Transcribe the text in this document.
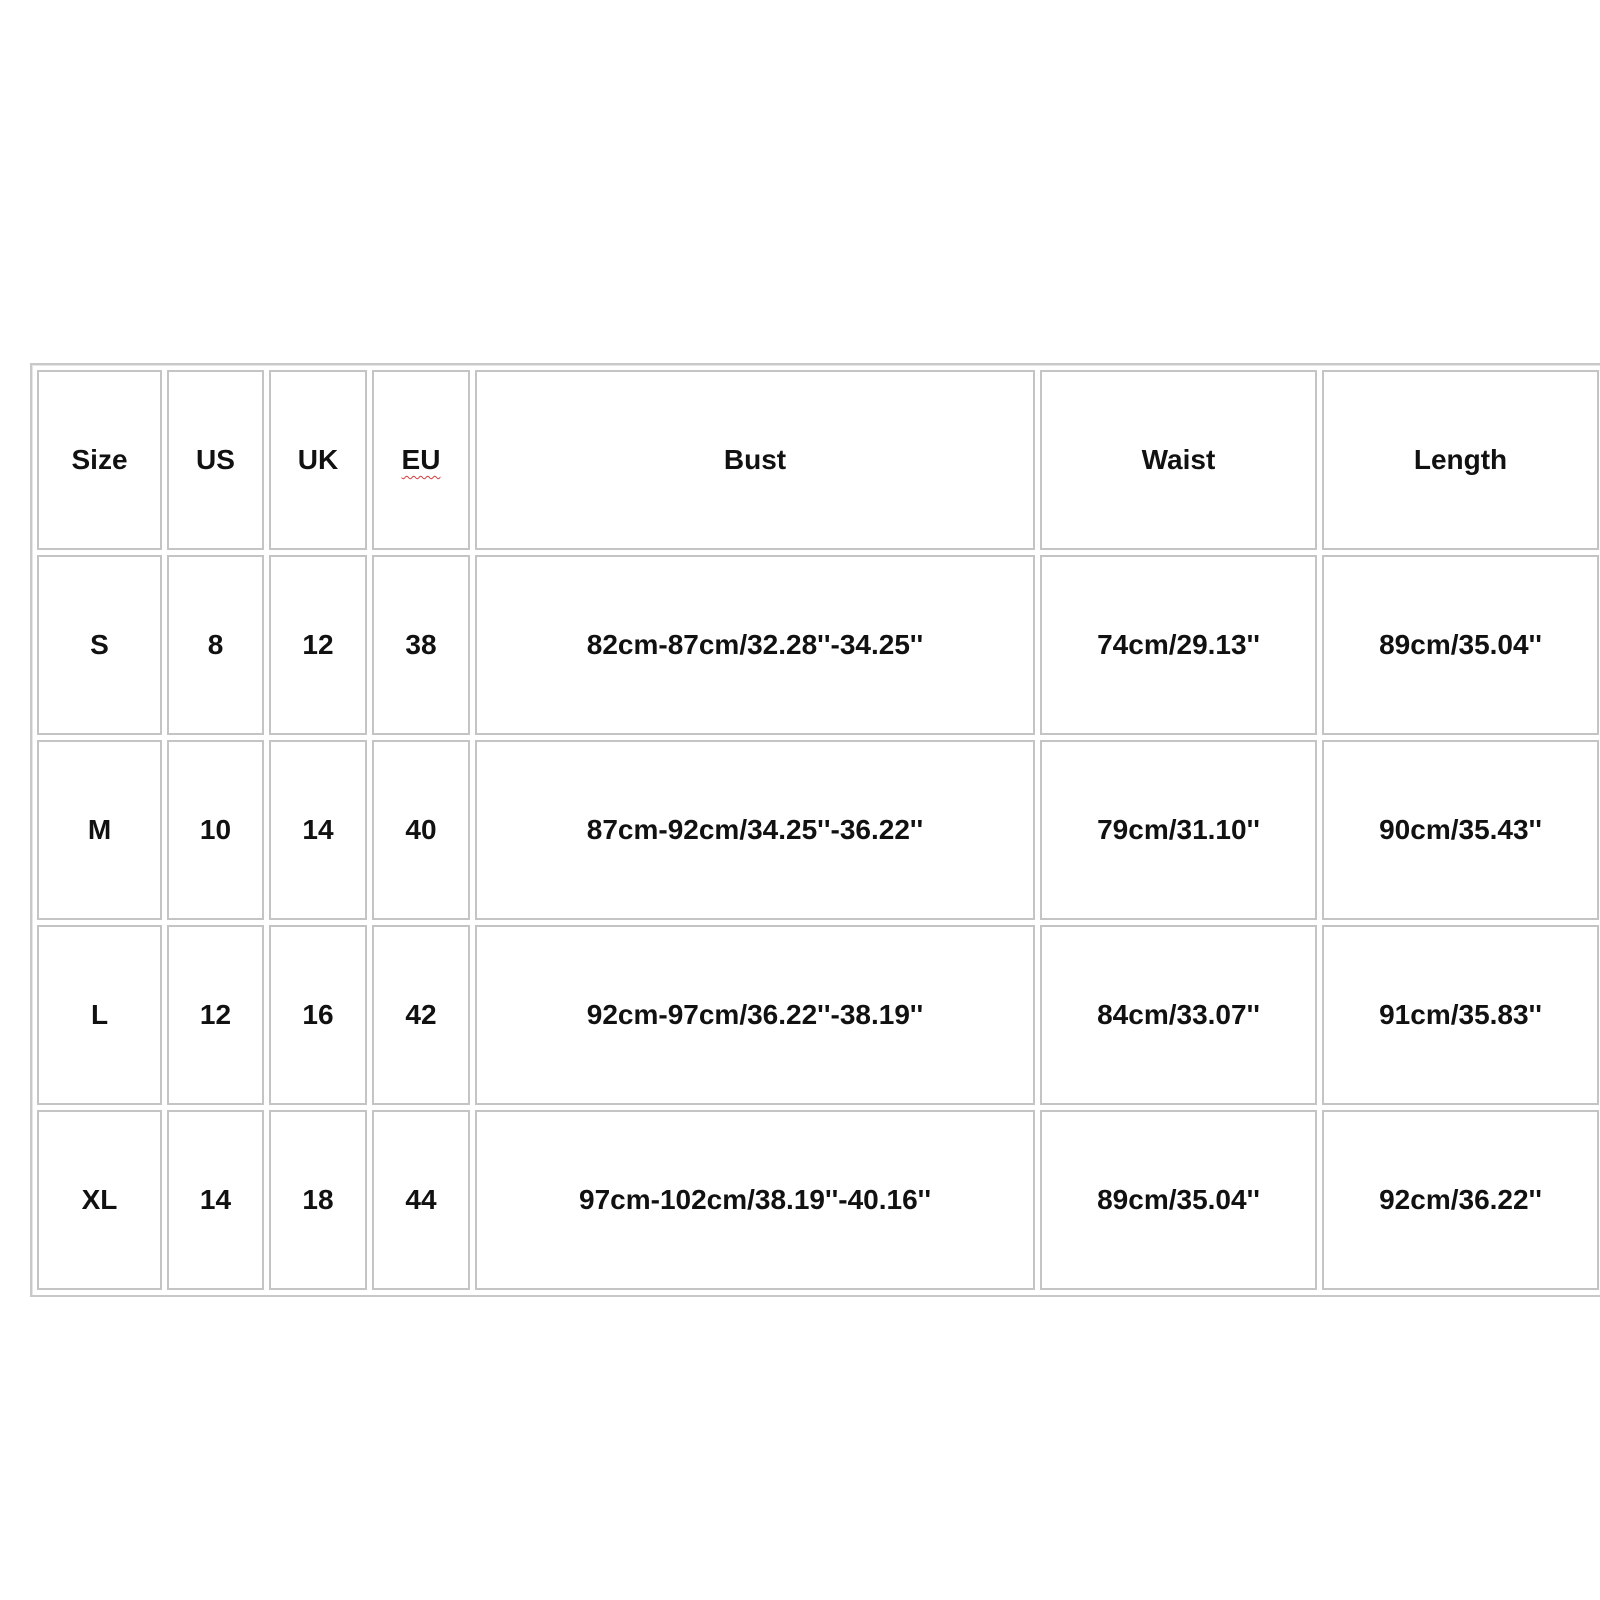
Size	US	UK	EU	Bust	Waist	Length
S	8	12	38	82cm-87cm/32.28''-34.25''	74cm/29.13''	89cm/35.04''
M	10	14	40	87cm-92cm/34.25''-36.22''	79cm/31.10''	90cm/35.43''
L	12	16	42	92cm-97cm/36.22''-38.19''	84cm/33.07''	91cm/35.83''
XL	14	18	44	97cm-102cm/38.19''-40.16''	89cm/35.04''	92cm/36.22''
